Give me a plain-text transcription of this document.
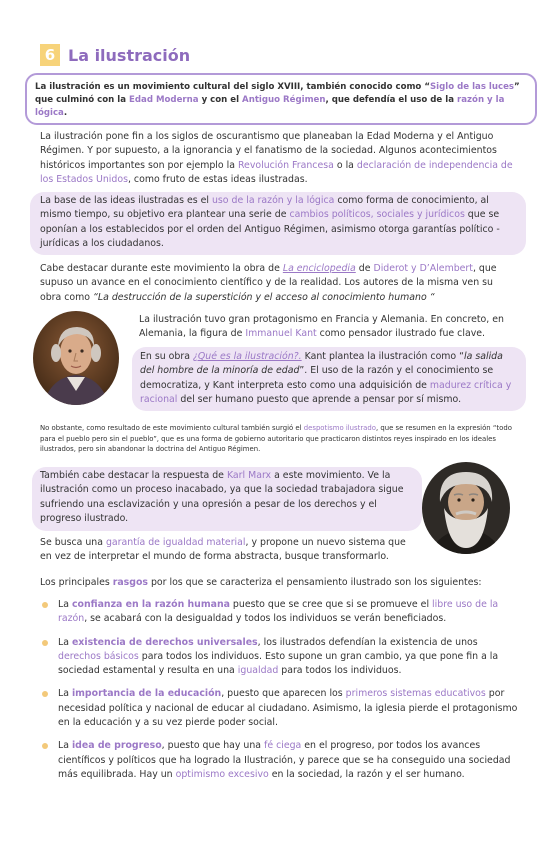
6 La ilustración
La ilustración es un movimiento cultural del siglo XVIII, también conocido como “Siglo de las luces” que culminó con la Edad Moderna y con el Antiguo Régimen, que defendía el uso de la razón y la lógica.
La ilustración pone fin a los siglos de oscurantismo que planeaban la Edad Moderna y el Antiguo Régimen. Y por supuesto, a la ignorancia y el fanatismo de la sociedad. Algunos acontecimientos históricos importantes son por ejemplo la Revolución Francesa o la declaración de independencia de los Estados Unidos, como fruto de estas ideas ilustradas.
La base de las ideas ilustradas es el uso de la razón y la lógica como forma de conocimiento, al mismo tiempo, su objetivo era plantear una serie de cambios políticos, sociales y jurídicos que se oponían a los establecidos por el orden del Antiguo Régimen, asimismo otorga garantías político -jurídicas a los ciudadanos.
Cabe destacar durante este movimiento la obra de La enciclopedia de Diderot y D’Alembert, que supuso un avance en el conocimiento científico y de la realidad. Los autores de la misma ven su obra como “La destrucción de la superstición y el acceso al conocimiento humano “
La ilustración tuvo gran protagonismo en Francia y Alemania. En concreto, en Alemania, la figura de Immanuel Kant como pensador ilustrado fue clave.
En su obra ¿Qué es la ilustración?. Kant plantea la ilustración como “la salida del hombre de la minoría de edad”. El uso de la razón y el conocimiento se democratiza, y Kant interpreta esto como una adquisición de madurez crítica y racional del ser humano puesto que aprende a pensar por sí mismo.
No obstante, como resultado de este movimiento cultural también surgió el despotismo ilustrado, que se resumen en la expresión “todo para el pueblo pero sin el pueblo”, que es una forma de gobierno autoritario que practicaron distintos reyes inspirado en los ideales ilustrados, pero sin abandonar la doctrina del Antiguo Régimen.
También cabe destacar la respuesta de Karl Marx a este movimiento. Ve la ilustración como un proceso inacabado, ya que la sociedad trabajadora sigue sufriendo una esclavización y una opresión a pesar de los derechos y el progreso ilustrado.
Se busca una garantía de igualdad material, y propone un nuevo sistema que en vez de interpretar el mundo de forma abstracta, busque transformarlo.
Los principales rasgos por los que se caracteriza el pensamiento ilustrado son los siguientes:
La confianza en la razón humana puesto que se cree que si se promueve el libre uso de la razón, se acabará con la desigualdad y todos los individuos se verán beneficiados.
La existencia de derechos universales, los ilustrados defendían la existencia de unos derechos básicos para todos los individuos. Esto supone un gran cambio, ya que pone fin a la sociedad estamental y resulta en una igualdad para todos los individuos.
La importancia de la educación, puesto que aparecen los primeros sistemas educativos por necesidad política y nacional de educar al ciudadano. Asimismo, la iglesia pierde el protagonismo en la educación y a su vez pierde poder social.
La idea de progreso, puesto que hay una fé ciega en el progreso, por todos los avances científicos y políticos que ha logrado la Ilustración, y parece que se ha conseguido una sociedad más equilibrada. Hay un optimismo excesivo en la sociedad, la razón y el ser humano.
